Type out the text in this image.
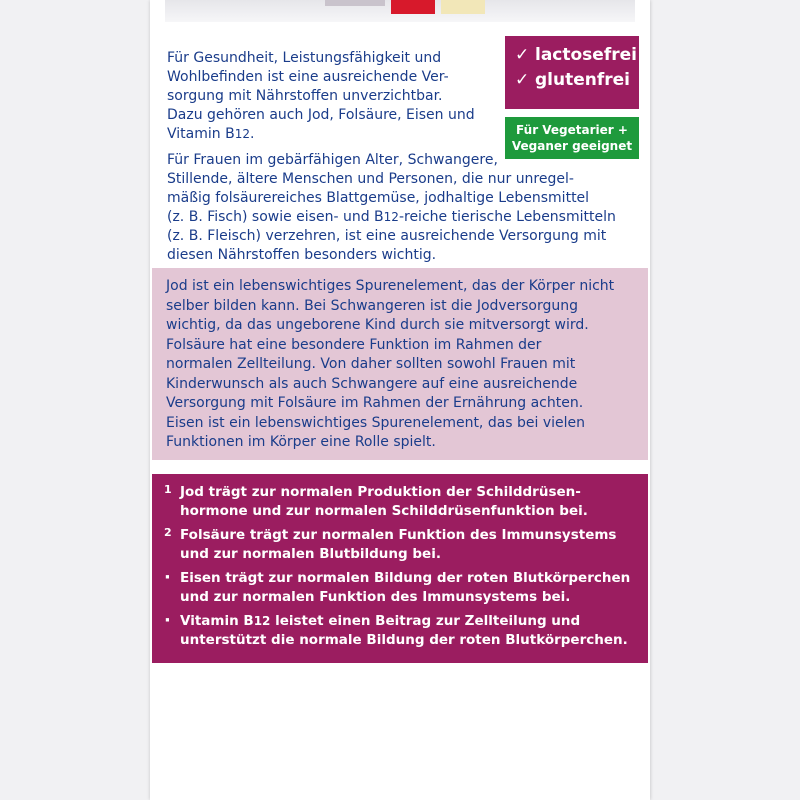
Für Gesundheit, Leistungsfähigkeit und

Wohlbefinden ist eine ausreichende Ver-

sorgung mit Nährstoffen unverzichtbar.

Dazu gehören auch Jod, Folsäure, Eisen und

Vitamin B12.

Für Frauen im gebärfähigen Alter, Schwangere,

Stillende, ältere Menschen und Personen, die nur unregel-

mäßig folsäurereiches Blattgemüse, jodhaltige Lebensmittel

(z. B. Fisch) sowie eisen- und B12-reiche tierische Lebensmitteln

(z. B. Fleisch) verzehren, ist eine ausreichende Versorgung mit

diesen Nährstoffen besonders wichtig.

✓ lactosefrei
✓ glutenfrei
Für Vegetarier +
Veganer geeignet

Jod ist ein lebenswichtiges Spurenelement, das der Körper nicht

selber bilden kann. Bei Schwangeren ist die Jodversorgung

wichtig, da das ungeborene Kind durch sie mitversorgt wird.

Folsäure hat eine besondere Funktion im Rahmen der

normalen Zellteilung. Von daher sollten sowohl Frauen mit

Kinderwunsch als auch Schwangere auf eine ausreichende

Versorgung mit Folsäure im Rahmen der Ernährung achten.

Eisen ist ein lebenswichtiges Spurenelement, das bei vielen

Funktionen im Körper eine Rolle spielt.

1 Jod trägt zur normalen Produktion der Schilddrüsen-
hormone und zur normalen Schilddrüsenfunktion bei.
2 Folsäure trägt zur normalen Funktion des Immunsystems
und zur normalen Blutbildung bei.
· Eisen trägt zur normalen Bildung der roten Blutkörperchen
und zur normalen Funktion des Immunsystems bei.
· Vitamin B12 leistet einen Beitrag zur Zellteilung und
unterstützt die normale Bildung der roten Blutkörperchen.
